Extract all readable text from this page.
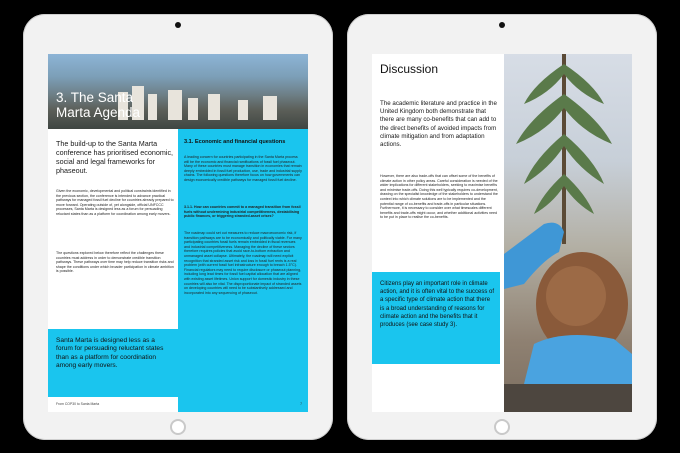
3. The Santa
Marta Agenda
The build-up to the Santa Marta conference has prioritised economic, social and legal frameworks for phaseout.
Given the economic, developmental and political constraints identified in the previous section, the conference is intended to advance practical pathways for managed fossil fuel decline for countries already prepared to move forward. Operating outside of, yet alongside, official UNFCCC processes, Santa Marta is designed less as a forum for persuading reluctant states than as a platform for coordination among early movers.
The questions explored below therefore reflect the challenges these countries must address in order to demonstrate credible transition pathways. These pathways over time may help reduce transition risks and shape the conditions under which broader participation in climate ambition is possible.
Santa Marta is designed less as a forum for persuading reluctant states than as a platform for coordination among early movers.
From COP30 to Santa Marta
3.1. Economic and financial questions
A leading concern for countries participating in the Santa Marta process will be the economic and financial ramifications of fossil fuel phaseout. Many of these countries must manage transition in economies that remain deeply embedded in fossil fuel production, use, trade and industrial supply chains. The following questions therefore focus on how governments can design economically credible pathways for managed fossil fuel decline.
3.1.1. How can countries commit to a managed transition from fossil fuels without undermining industrial competitiveness, destabilising public finances, or triggering stranded-asset crises?
The roadmap could set out measures to reduce macroeconomic risk, if transition pathways are to be economically and politically viable. For many participating countries fossil fuels remain embedded in fiscal revenues and industrial competitiveness. Managing the decline of these sectors therefore requires policies that avoid race-to-bottom extraction and unmanaged asset collapse. Ultimately, the roadmap will need explicit recognition that stranded asset risk and loss in fossil fuel rents is a real problem (with current fossil fuel infrastructure enough to breach 1.5°C). Financial regulators may need to require disclosure or phaseout planning, including long lead times for fossil fuel capital allocation that are aligned with existing asset lifetimes. Union support for domestic industry in these countries will also be vital. The disproportionate impact of stranded assets on developing countries will need to be substantively addressed and incorporated into any sequencing of phaseout.
7
Discussion
The academic literature and practice in the United Kingdom both demonstrate that there are many co-benefits that can add to the direct benefits of avoided impacts from climate mitigation and from adaptation actions.
However, there are also trade-offs that can offset some of the benefits of climate action in other policy areas. Careful consideration is needed of the wider implications for different stakeholders, seeking to maximise benefits and minimise trade-offs. Doing this well typically requires co-development, drawing on the specialist knowledge of the stakeholders to understand the context into which climate solutions are to be implemented and the potential range of co-benefits and trade-offs in particular situations. Furthermore, it is necessary to consider over what timescales different benefits and trade-offs might occur, and whether additional activities need to be put in place to realise the co-benefits.
Citizens play an important role in climate action, and it is often vital to the success of a specific type of climate action that there is a broad understanding of reasons for climate action and the benefits that it produces (see case study 3).
